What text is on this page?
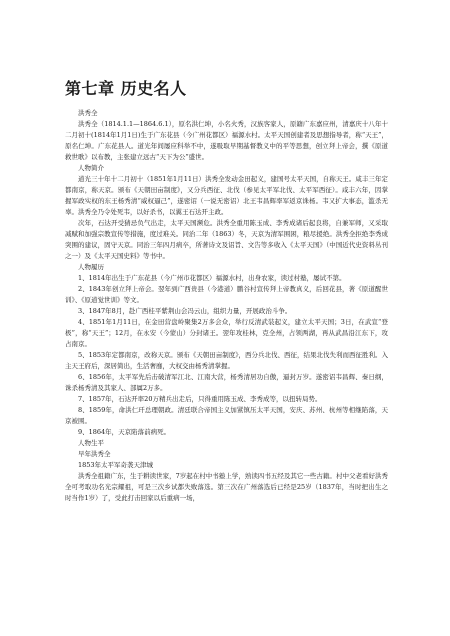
第七章 历史名人

洪秀全

洪秀全（1814.1.1—1864.6.1），原名洪仁坤，小名火秀，汉族客家人，原籍广东嘉应州，清嘉庆十八年十二月初十(1814年1月1日)生于广东花县（今广州花都区）福源水村。太平天国创建者及思想指导者，称“天王”，原名仁坤。广东花县人。道光年间屡应科举不中，遂吸取早期基督教义中的平等思想，创立拜上帝会，撰《原道救世歌》以布教，主张建立远古“天下为公”盛世。

人物简介

道光三十年十二月初十（1851年1月11日）洪秀全发动金田起义，建国号太平天国，自称天王。咸丰三年定都南京，称天京。颁布《天朝田亩制度》，又分兵西征、北伐（参见太平军北伐、太平军西征）。咸丰六年，因掌握军政实权的东王杨秀清“威权逼己”，遂密诏（一说无密诏）北王韦昌辉率军返京诛杨。韦又扩大事态，滥杀无辜。洪秀全乃令处死韦，以好杀书，以翼王石达开主政。

次年，石达开受猜忌负气出走，太平天国濒危。洪秀全重用陈玉成、李秀成诸后起良将，自兼军师，又采取减赋和加强宗教宣传等措施，度过难关。同治二年（1863）冬，天京为清军围困，粮尽援绝。洪秀全拒绝李秀成突围的建议，固守天京。同治三年四月病卒，所著诗文及诏旨、文告等多收入《太平天国》（中国近代史资料丛刊之一）及《太平天国史料》等书中。

人物履历

1、1814年出生于广东花县（今广州市花都区）福源水村，出身农家，读过村塾，屡试不第。

2、1843年创立拜上帝会。翌年到广西贵县（今港道）鹏谷村宣传拜上帝教真义，后回花县，著《原道醒世训》、《原道觉世训》等文。

3、1847年8月，赴广西桂平紫荆山会冯云山，组织力量，开展政治斗争。

4、1851年1月11日，在金田营盘岭聚集2万多会众，举行反清武装起义，建立太平天国；3日，在武宣“登极”，称“天王”；12月，在永安（今蒙山）分封诸王。翌年攻桂林，克全州，占领两湖，再从武昌沿江东下，攻占南京。

5、1853年定都南京，改称天京。颁布《天朝田亩制度》，西分兵北伐、西征，结果北伐失利而西征胜利。入主天王府后，深居简出，生活奢靡，大权交由杨秀清掌握。

6、1856年，太平军先后击破清军江北、江南大营，杨秀清居功自傲，逼封万岁。遂密诏韦昌辉、秦日纲，诛杀杨秀清及其家人、部属2万多。

7、1857年，石达开率20万精兵出走后，只得重用陈玉成、李秀成等，以扭转局势。

8、1859年，命洪仁玕总理朝政。清廷联合帝国主义加紧镇压太平天国，安庆、苏州、杭州等相继陷落，天京被围。

9、1864年，天京陷落前病死。

人物生平

早年洪秀全

1853年太平军奇袭天津城

洪秀全祖籍广东，生于耕读世家，7岁起在村中书塾上学，熟读四书五经及其它一些古籍。村中父老看好洪秀全可考取功名光宗耀祖，可是三次乡试都失败落选。第三次在广州落选后已经是25岁（1837年，当时把出生之时当作1岁）了，受此打击回家以后重病一场，
